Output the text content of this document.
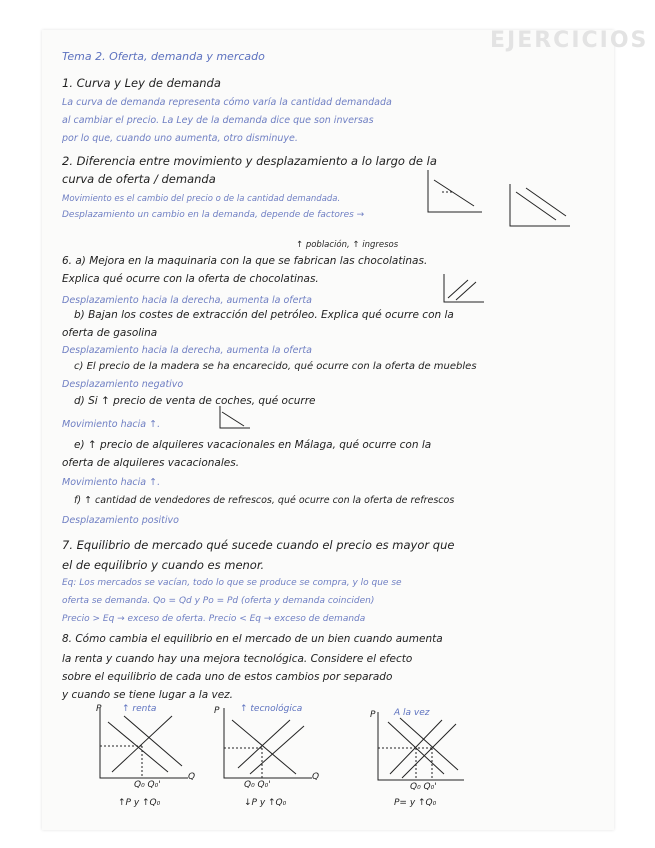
EJERCICIOS
Tema 2. Oferta, demanda y mercado
1. Curva y Ley de demanda
La curva de demanda representa cómo varía la cantidad demandada
al cambiar el precio. La Ley de la demanda dice que son inversas
por lo que, cuando uno aumenta, otro disminuye.
2. Diferencia entre movimiento y desplazamiento a lo largo de la
curva de oferta / demanda
Movimiento es el cambio del precio o de la cantidad demandada.
Desplazamiento un cambio en la demanda, depende de factores →
↑ población, ↑ ingresos
6. a) Mejora en la maquinaria con la que se fabrican las chocolatinas.
Explica qué ocurre con la oferta de chocolatinas.
Desplazamiento hacia la derecha, aumenta la oferta
b) Bajan los costes de extracción del petróleo. Explica qué ocurre con la
oferta de gasolina
Desplazamiento hacia la derecha, aumenta la oferta
c) El precio de la madera se ha encarecido, qué ocurre con la oferta de muebles
Desplazamiento negativo
d) Si ↑ precio de venta de coches, qué ocurre
Movimiento hacia ↑.
e) ↑ precio de alquileres vacacionales en Málaga, qué ocurre con la
oferta de alquileres vacacionales.
Movimiento hacia ↑.
f) ↑ cantidad de vendedores de refrescos, qué ocurre con la oferta de refrescos
Desplazamiento positivo
7. Equilibrio de mercado qué sucede cuando el precio es mayor que
el de equilibrio y cuando es menor.
Eq: Los mercados se vacían, todo lo que se produce se compra, y lo que se
oferta se demanda. Qo = Qd y Po = Pd (oferta y demanda coinciden)
Precio > Eq → exceso de oferta. Precio < Eq → exceso de demanda
8. Cómo cambia el equilibrio en el mercado de un bien cuando aumenta
la renta y cuando hay una mejora tecnológica. Considere el efecto
sobre el equilibrio de cada uno de estos cambios por separado
y cuando se tiene lugar a la vez.
↑ renta
P
Q
Q₀ Q₀'
↑P y ↑Q₀
↑ tecnológica
P
Q
Q₀ Q₀'
↓P y ↑Q₀
A la vez
P
Q₀ Q₀'
P= y ↑Q₀
